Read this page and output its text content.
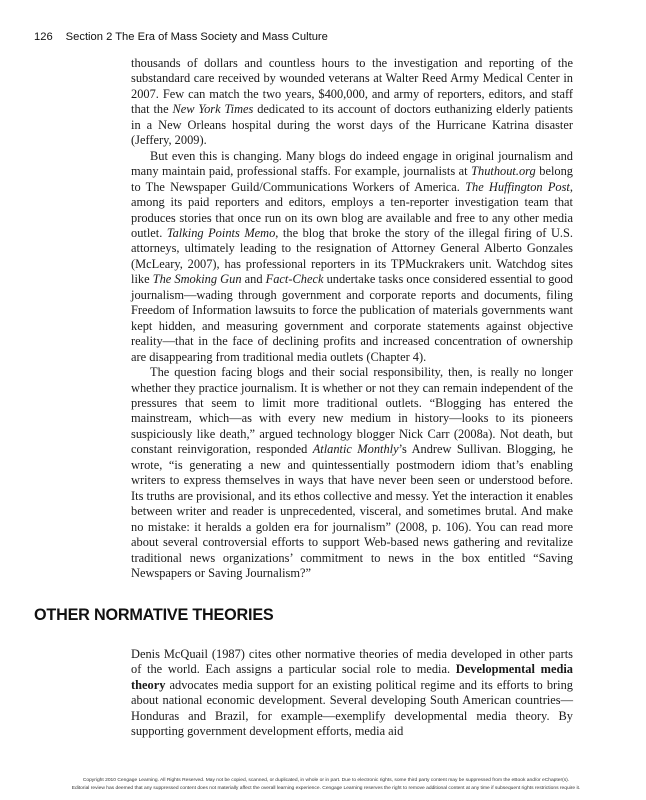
126 Section 2 The Era of Mass Society and Mass Culture

thousands of dollars and countless hours to the investigation and reporting of the substandard care received by wounded veterans at Walter Reed Army Medical Center in 2007. Few can match the two years, $400,000, and army of reporters, editors, and staff that the New York Times dedicated to its account of doctors euthanizing elderly patients in a New Orleans hospital during the worst days of the Hurricane Katrina disaster (Jeffery, 2009).

But even this is changing. Many blogs do indeed engage in original journalism and many maintain paid, professional staffs. For example, journalists at Thuthout.org belong to The Newspaper Guild/Communications Workers of America. The Huffington Post, among its paid reporters and editors, employs a ten-reporter investigation team that produces stories that once run on its own blog are available and free to any other media outlet. Talking Points Memo, the blog that broke the story of the illegal firing of U.S. attorneys, ultimately leading to the resignation of Attorney General Alberto Gonzales (McLeary, 2007), has professional reporters in its TPMuckrakers unit. Watchdog sites like The Smoking Gun and Fact-Check undertake tasks once considered essential to good journalism—wading through government and corporate reports and documents, filing Freedom of Information lawsuits to force the publication of materials governments want kept hidden, and measuring government and corporate statements against objective reality—that in the face of declining profits and increased concentration of ownership are disappearing from traditional media outlets (Chapter 4).

The question facing blogs and their social responsibility, then, is really no longer whether they practice journalism. It is whether or not they can remain independent of the pressures that seem to limit more traditional outlets. “Blogging has entered the mainstream, which—as with every new medium in history—looks to its pioneers suspiciously like death,” argued technology blogger Nick Carr (2008a). Not death, but constant reinvigoration, responded Atlantic Monthly’s Andrew Sullivan. Blogging, he wrote, “is generating a new and quintessentially postmodern idiom that’s enabling writers to express themselves in ways that have never been seen or understood before. Its truths are provisional, and its ethos collective and messy. Yet the interaction it enables between writer and reader is unprecedented, visceral, and sometimes brutal. And make no mistake: it heralds a golden era for journalism” (2008, p. 106). You can read more about several controversial efforts to support Web-based news gathering and revitalize traditional news organizations’ commitment to news in the box entitled “Saving Newspapers or Saving Journalism?”

OTHER NORMATIVE THEORIES

Denis McQuail (1987) cites other normative theories of media developed in other parts of the world. Each assigns a particular social role to media. Developmental media theory advocates media support for an existing political regime and its efforts to bring about national economic development. Several developing South American countries—Honduras and Brazil, for example—exemplify developmental media theory. By supporting government development efforts, media aid

Copyright 2010 Cengage Learning. All Rights Reserved. May not be copied, scanned, or duplicated, in whole or in part. Due to electronic rights, some third party content may be suppressed from the eBook and/or eChapter(s).
Editorial review has deemed that any suppressed content does not materially affect the overall learning experience. Cengage Learning reserves the right to remove additional content at any time if subsequent rights restrictions require it.
